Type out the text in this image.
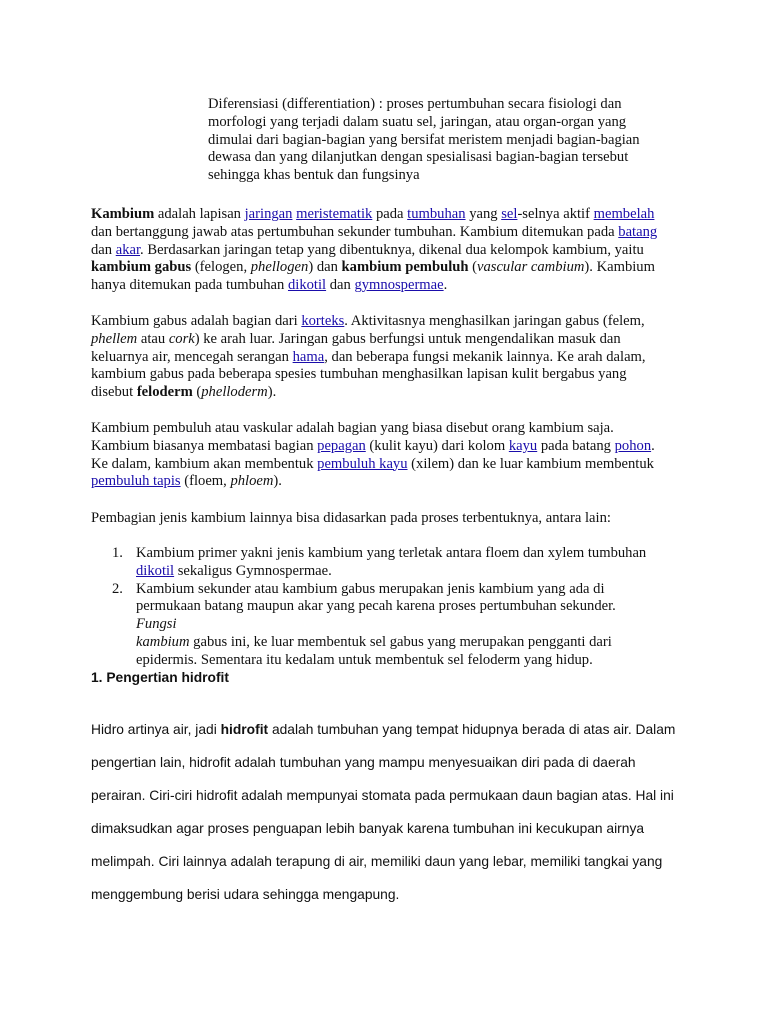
Diferensiasi (differentiation) : proses pertumbuhan secara fisiologi dan

morfologi yang terjadi dalam suatu sel, jaringan, atau organ-organ yang

dimulai dari bagian-bagian yang bersifat meristem menjadi bagian-bagian

dewasa dan yang dilanjutkan dengan spesialisasi bagian-bagian tersebut

sehingga khas bentuk dan fungsinya

Kambium adalah lapisan jaringan meristematik pada tumbuhan yang sel-selnya aktif membelah

dan bertanggung jawab atas pertumbuhan sekunder tumbuhan. Kambium ditemukan pada batang

dan akar. Berdasarkan jaringan tetap yang dibentuknya, dikenal dua kelompok kambium, yaitu

kambium gabus (felogen, phellogen) dan kambium pembuluh (vascular cambium). Kambium

hanya ditemukan pada tumbuhan dikotil dan gymnospermae.

Kambium gabus adalah bagian dari korteks. Aktivitasnya menghasilkan jaringan gabus (felem,

phellem atau cork) ke arah luar. Jaringan gabus berfungsi untuk mengendalikan masuk dan

keluarnya air, mencegah serangan hama, dan beberapa fungsi mekanik lainnya. Ke arah dalam,

kambium gabus pada beberapa spesies tumbuhan menghasilkan lapisan kulit bergabus yang

disebut feloderm (phelloderm).

Kambium pembuluh atau vaskular adalah bagian yang biasa disebut orang kambium saja.

Kambium biasanya membatasi bagian pepagan (kulit kayu) dari kolom kayu pada batang pohon.

Ke dalam, kambium akan membentuk pembuluh kayu (xilem) dan ke luar kambium membentuk

pembuluh tapis (floem, phloem).

Pembagian jenis kambium lainnya bisa didasarkan pada proses terbentuknya, antara lain:

1. Kambium primer yakni jenis kambium yang terletak antara floem dan xylem tumbuhan
dikotil sekaligus Gymnospermae.
2. Kambium sekunder atau kambium gabus merupakan jenis kambium yang ada di
permukaan batang maupun akar yang pecah karena proses pertumbuhan sekunder. Fungsi
kambium gabus ini, ke luar membentuk sel gabus yang merupakan pengganti dari
epidermis. Sementara itu kedalam untuk membentuk sel feloderm yang hidup.
1. Pengertian hidrofit

Hidro artinya air, jadi hidrofit adalah tumbuhan yang tempat hidupnya berada di atas air. Dalam

pengertian lain, hidrofit adalah tumbuhan yang mampu menyesuaikan diri pada di daerah

perairan. Ciri-ciri hidrofit adalah mempunyai stomata pada permukaan daun bagian atas. Hal ini

dimaksudkan agar proses penguapan lebih banyak karena tumbuhan ini kecukupan airnya

melimpah. Ciri lainnya adalah terapung di air, memiliki daun yang lebar, memiliki tangkai yang

menggembung berisi udara sehingga mengapung.
